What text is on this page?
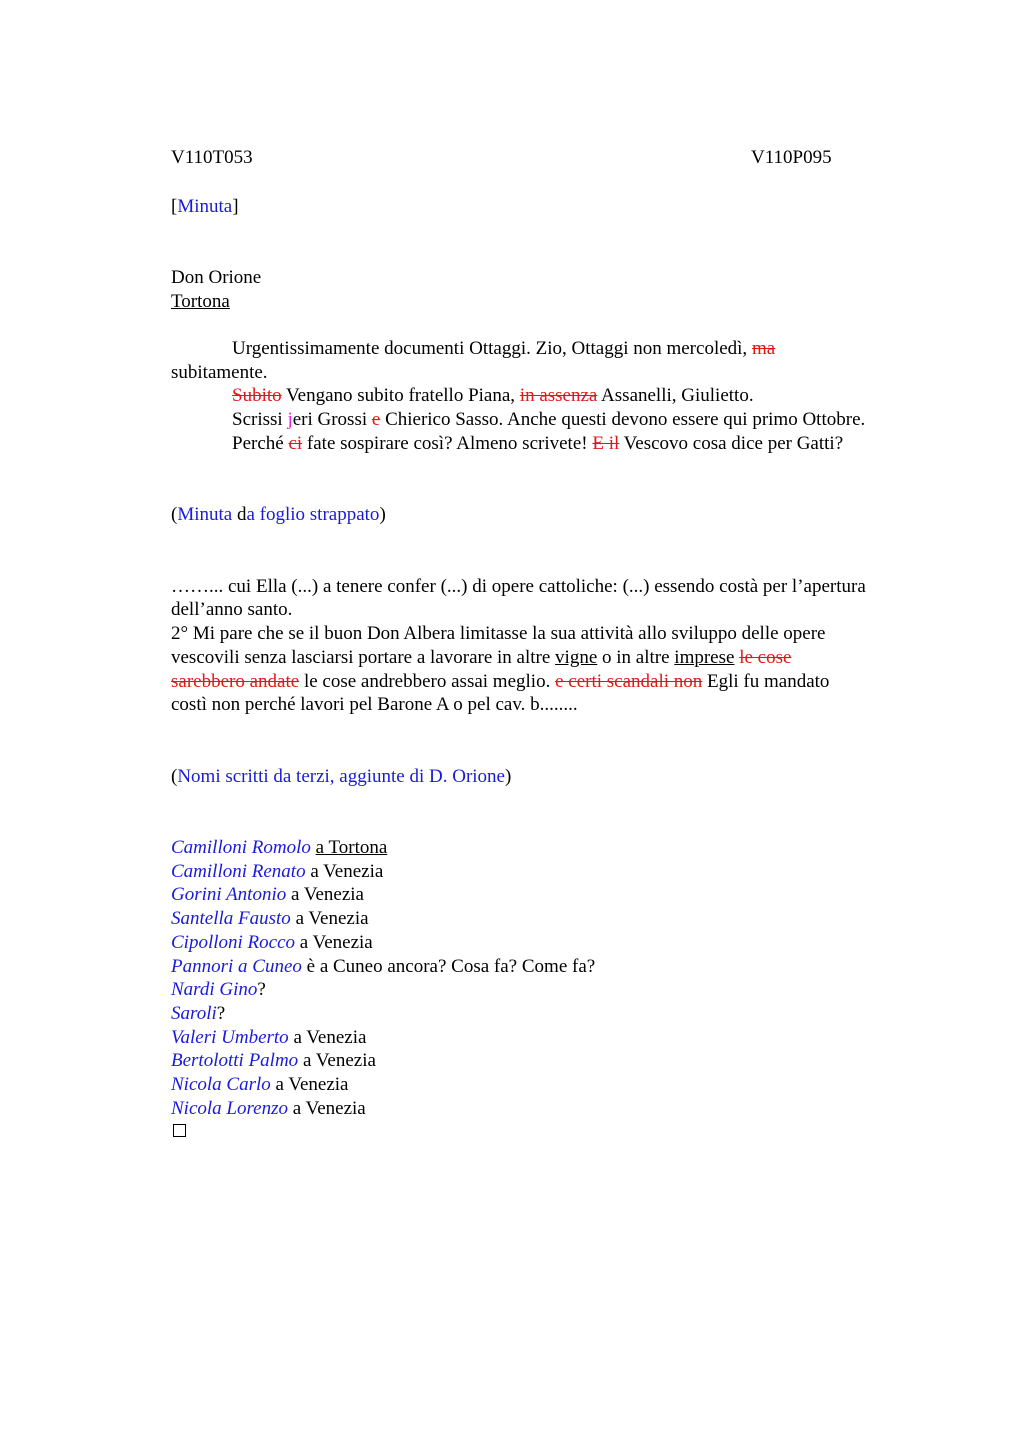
V110T053	V110P095
[Minuta]
Don Orione
Tortona
Urgentissimamente documenti Ottaggi. Zio, Ottaggi non mercoledì, ma
subitamente.
Subito Vengano subito fratello Piana, in assenza Assanelli, Giulietto.
Scrissi jeri Grossi e Chierico Sasso. Anche questi devono essere qui primo Ottobre.
Perché ci fate sospirare così? Almeno scrivete! E il Vescovo cosa dice per Gatti?
(Minuta da foglio strappato)
……... cui Ella (...) a tenere confer (...) di opere cattoliche: (...) essendo costà per l’apertura
dell’anno santo.
2° Mi pare che se il buon Don Albera limitasse la sua attività allo sviluppo delle opere
vescovili senza lasciarsi portare a lavorare in altre vigne o in altre imprese le cose
sarebbero andate le cose andrebbero assai meglio. e certi scandali non Egli fu mandato
costì non perché lavori pel Barone A o pel cav. b........
(Nomi scritti da terzi, aggiunte di D. Orione)
Camilloni Romolo a Tortona
Camilloni Renato a Venezia
Gorini Antonio a Venezia
Santella Fausto a Venezia
Cipolloni Rocco a Venezia
Pannori a Cuneo è a Cuneo ancora? Cosa fa? Come fa?
Nardi Gino?
Saroli?
Valeri Umberto a Venezia
Bertolotti Palmo a Venezia
Nicola Carlo a Venezia
Nicola Lorenzo a Venezia
